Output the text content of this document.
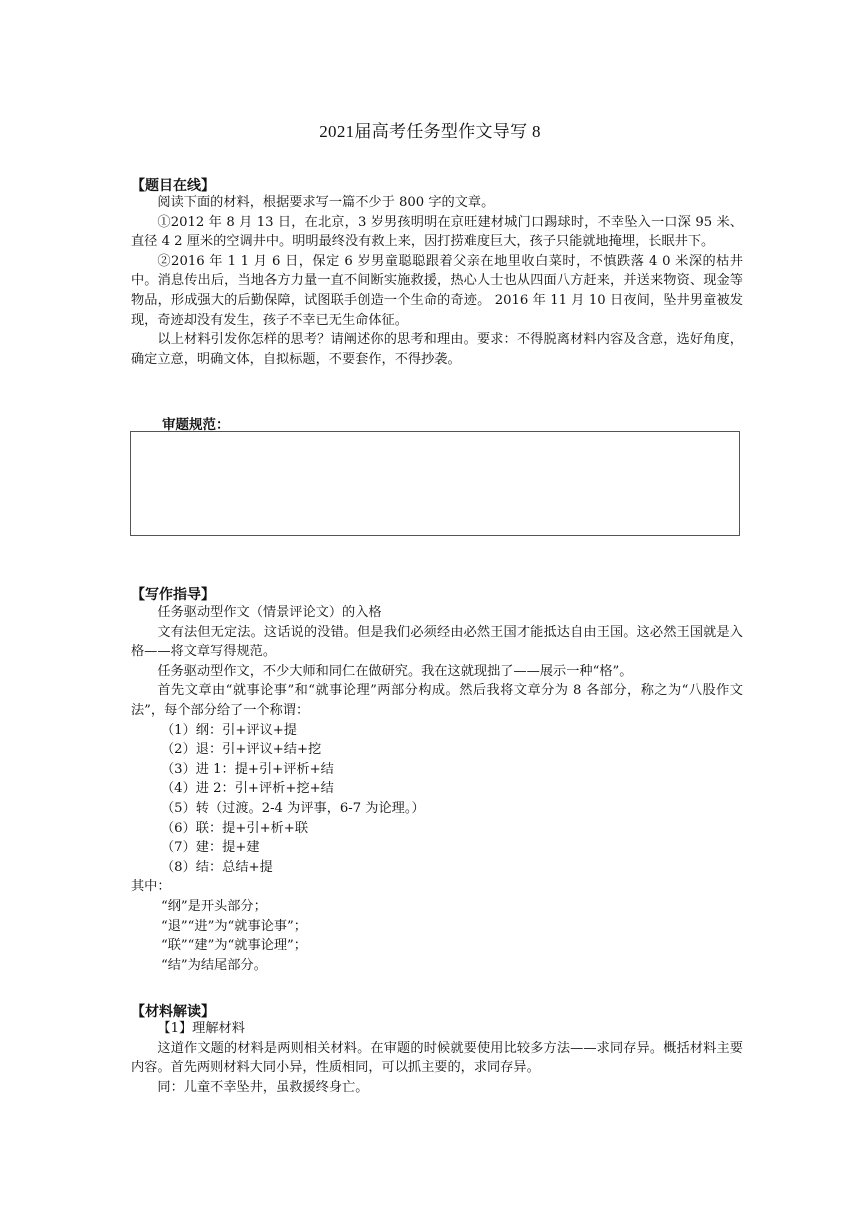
2021届高考任务型作文导写 8
【题目在线】

阅读下面的材料，根据要求写一篇不少于 800 字的文章。

①2012 年 8 月 13 日，在北京，3 岁男孩明明在京旺建材城门口踢球时，不幸坠入一口深 95 米、直径 4 2 厘米的空调井中。明明最终没有救上来，因打捞难度巨大，孩子只能就地掩埋，长眠井下。

②2016 年 1 1 月 6 日，保定 6 岁男童聪聪跟着父亲在地里收白菜时，不慎跌落 4 0 米深的枯井中。消息传出后，当地各方力量一直不间断实施救援，热心人士也从四面八方赶来，并送来物资、现金等物品，形成强大的后勤保障，试图联手创造一个生命的奇迹。 2016 年 11 月 10 日夜间，坠井男童被发现，奇迹却没有发生，孩子不幸已无生命体征。

以上材料引发你怎样的思考？请阐述你的思考和理由。要求：不得脱离材料内容及含意，选好角度，确定立意，明确文体，自拟标题，不要套作，不得抄袭。

审题规范：
【写作指导】

任务驱动型作文（情景评论文）的入格

文有法但无定法。这话说的没错。但是我们必须经由必然王国才能抵达自由王国。这必然王国就是入格——将文章写得规范。

任务驱动型作文，不少大师和同仁在做研究。我在这就现拙了——展示一种“格”。

首先文章由“就事论事”和“就事论理”两部分构成。然后我将文章分为 8 各部分，称之为“八股作文法”，每个部分给了一个称谓：

（1）纲：引+评议+提

（2）退：引+评议+结+挖

（3）进 1：提+引+评析+结

（4）进 2：引+评析+挖+结

（5）转（过渡。2-4 为评事，6-7 为论理。）

（6）联：提+引+析+联

（7）建：提+建

（8）结：总结+提

其中：

“纲”是开头部分；

“退”“进”为“就事论事”；

“联”“建”为“就事论理”；

“结”为结尾部分。

【材料解读】

【1】理解材料

这道作文题的材料是两则相关材料。在审题的时候就要使用比较多方法——求同存异。概括材料主要内容。首先两则材料大同小异，性质相同，可以抓主要的，求同存异。

同：儿童不幸坠井，虽救援终身亡。
